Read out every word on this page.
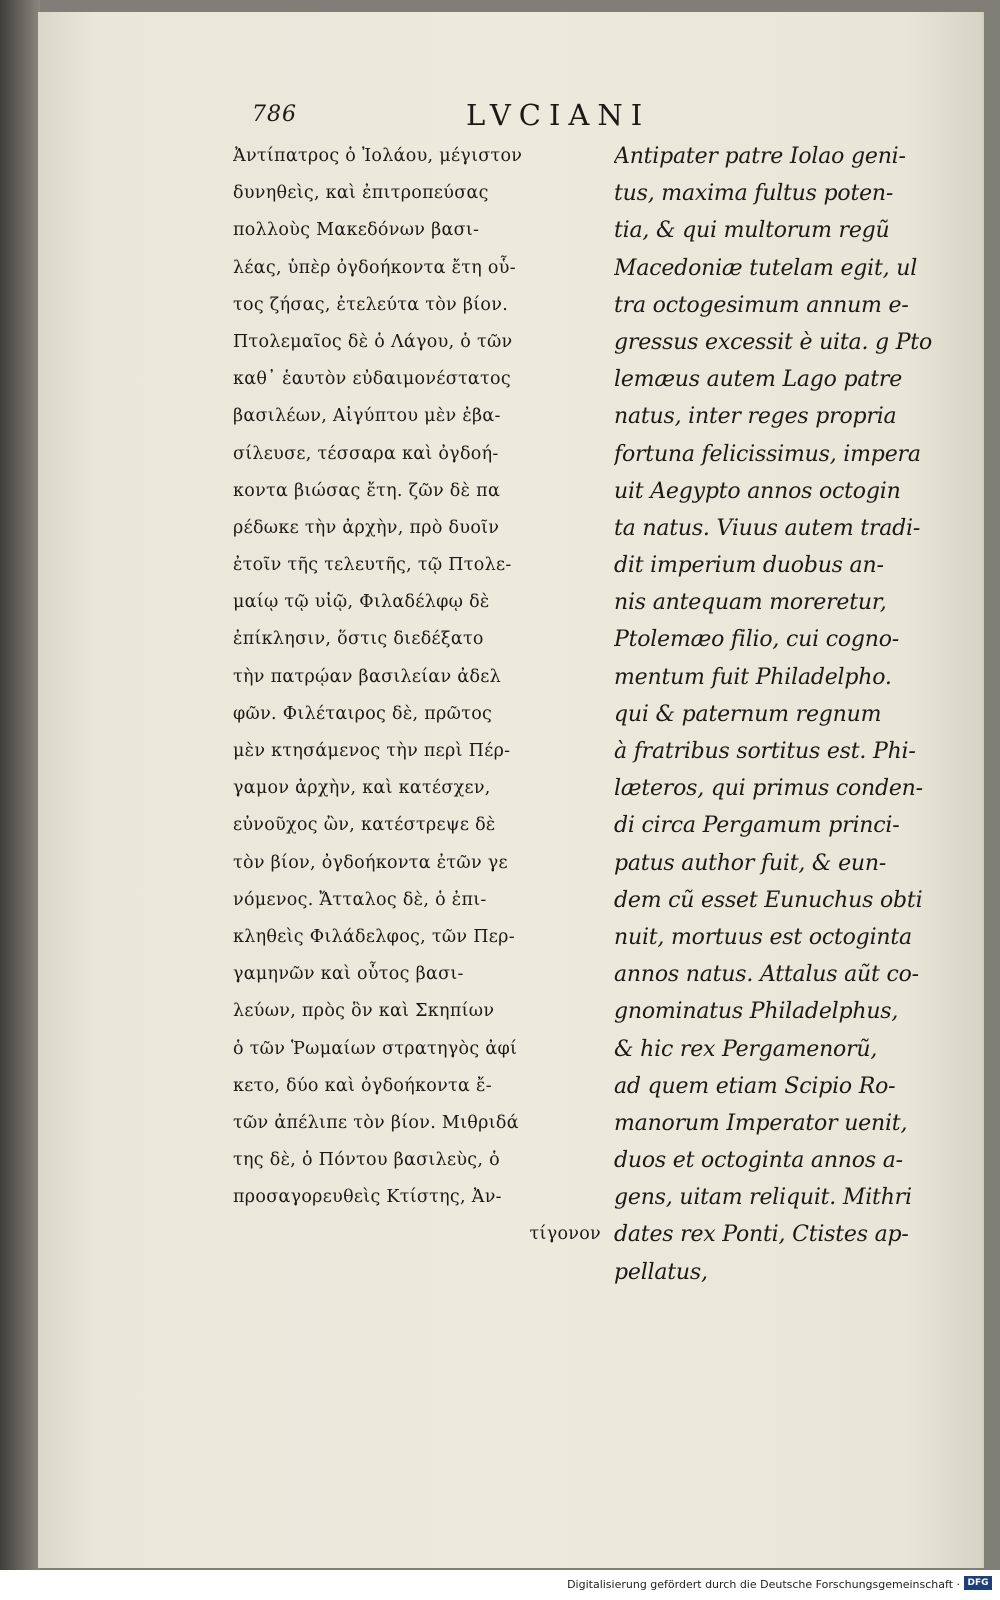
786	LVCIANI
Ἀντίπατρος ὁ Ἰολάου, μέγιστον
δυνηθεὶς, καὶ ἐπιτροπεύσας
πολλοὺς Μακεδόνων βασι-
λέας, ὑπὲρ ὀγδοήκοντα ἔτη οὗ-
τος ζήσας, ἐτελεύτα τὸν βίον.
Πτολεμαῖος δὲ ὁ Λάγου, ὁ τῶν
καθ᾽ ἑαυτὸν εὐδαιμονέστατος
βασιλέων, Αἰγύπτου μὲν ἐβα-
σίλευσε, τέσσαρα καὶ ὀγδοή-
κοντα βιώσας ἔτη. ζῶν δὲ πα
ρέδωκε τὴν ἀρχὴν, πρὸ δυοῖν
ἐτοῖν τῆς τελευτῆς, τῷ Πτολε-
μαίῳ τῷ υἱῷ, Φιλαδέλφῳ δὲ
ἐπίκλησιν, ὅστις διεδέξατο
τὴν πατρῴαν βασιλείαν ἀδελ
φῶν. Φιλέταιρος δὲ, πρῶτος
μὲν κτησάμενος τὴν περὶ Πέρ-
γαμον ἀρχὴν, καὶ κατέσχεν,
εὐνοῦχος ὢν, κατέστρεψε δὲ
τὸν βίον, ὀγδοήκοντα ἐτῶν γε
νόμενος. Ἄτταλος δὲ, ὁ ἐπι-
κληθεὶς Φιλάδελφος, τῶν Περ-
γαμηνῶν καὶ οὗτος βασι-
λεύων, πρὸς ὃν καὶ Σκηπίων
ὁ τῶν Ῥωμαίων στρατηγὸς ἀφί
κετο, δύο καὶ ὀγδοήκοντα ἔ-
τῶν ἀπέλιπε τὸν βίον. Μιθριδά
της δὲ, ὁ Πόντου βασιλεὺς, ὁ
προσαγορευθεὶς Κτίστης, Ἀν-
τίγονον
Antipater patre Iolao geni-
tus, maxima fultus poten-
tia, & qui multorum regũ
Macedoniæ tutelam egit, ul
tra octogesimum annum e-
gressus excessit è uita. g Pto
lemæus autem Lago patre
natus, inter reges propria
fortuna felicissimus, impera
uit Aegypto annos octogin
ta natus. Viuus autem tradi-
dit imperium duobus an-
nis antequam moreretur,
Ptolemæo filio, cui cogno-
mentum fuit Philadelpho.
qui & paternum regnum
à fratribus sortitus est. Phi-
læteros, qui primus conden-
di circa Pergamum princi-
patus author fuit, & eun-
dem cũ esset Eunuchus obti
nuit, mortuus est octoginta
annos natus. Attalus aũt co-
gnominatus Philadelphus,
& hic rex Pergamenorũ,
ad quem etiam Scipio Ro-
manorum Imperator uenit,
duos et octoginta annos a-
gens, uitam reliquit. Mithri
dates rex Ponti, Ctistes ap-
pellatus,
Digitalisierung gefördert durch die Deutsche Forschungsgemeinschaft · DFG
